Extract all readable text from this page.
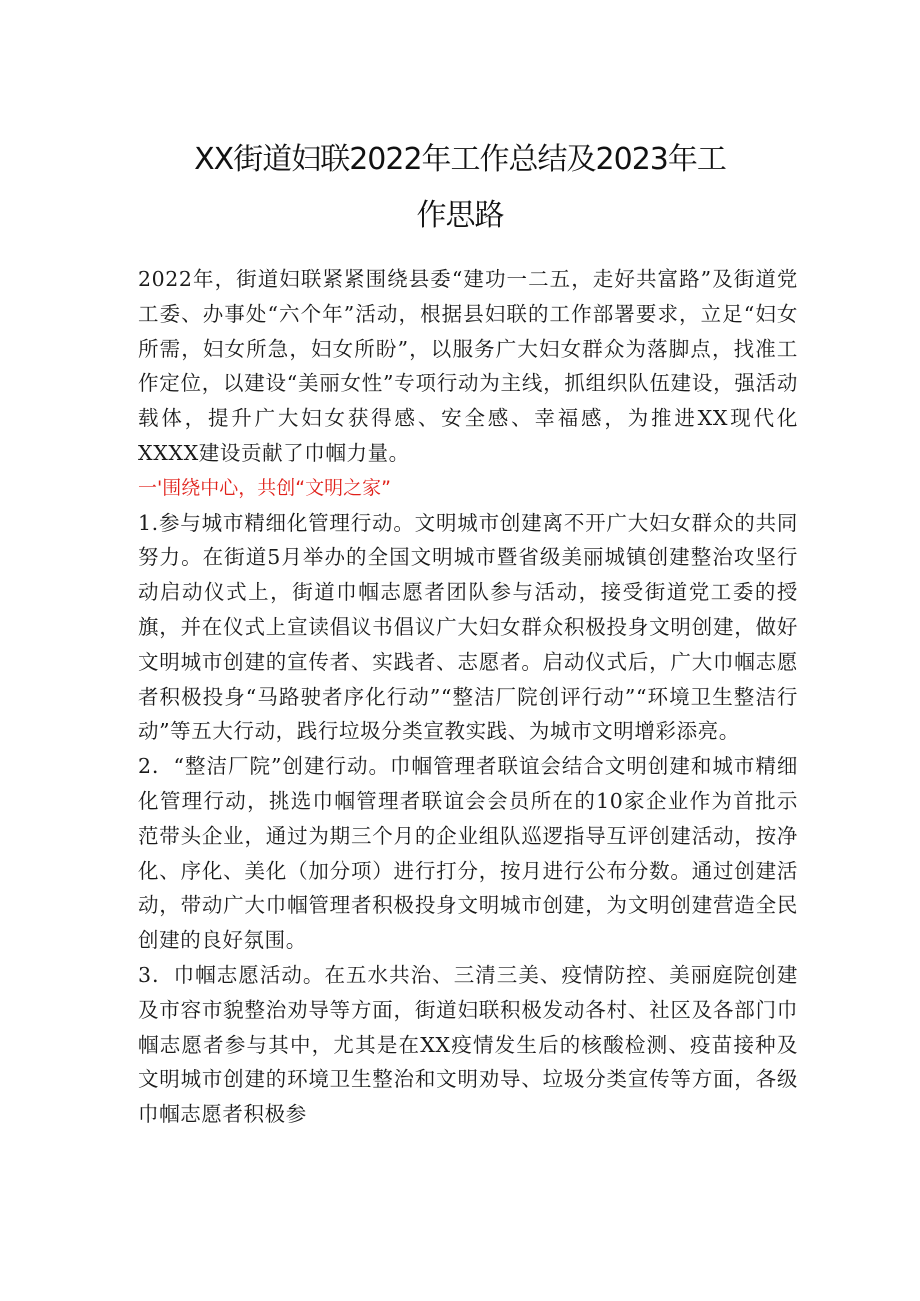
XX街道妇联2022年工作总结及2023年工
作思路

2022年，街道妇联紧紧围绕县委“建功一二五，走好共富路”及街道党工委、办事处“六个年”活动，根据县妇联的工作部署要求，立足“妇女所需，妇女所急，妇女所盼”，以服务广大妇女群众为落脚点，找准工作定位，以建设“美丽女性”专项行动为主线，抓组织队伍建设，强活动载体，提升广大妇女获得感、安全感、幸福感，为推进XX现代化XXXX建设贡献了巾帼力量。

一'围绕中心，共创“文明之家”

1.参与城市精细化管理行动。文明城市创建离不开广大妇女群众的共同努力。在街道5月举办的全国文明城市暨省级美丽城镇创建整治攻坚行动启动仪式上，街道巾帼志愿者团队参与活动，接受街道党工委的授旗，并在仪式上宣读倡议书倡议广大妇女群众积极投身文明创建，做好文明城市创建的宣传者、实践者、志愿者。启动仪式后，广大巾帼志愿者积极投身“马路驶者序化行动”“整洁厂院创评行动”“环境卫生整洁行动”等五大行动，践行垃圾分类宣教实践、为城市文明增彩添亮。

2．“整洁厂院”创建行动。巾帼管理者联谊会结合文明创建和城市精细化管理行动，挑选巾帼管理者联谊会会员所在的10家企业作为首批示范带头企业，通过为期三个月的企业组队巡逻指导互评创建活动，按净化、序化、美化（加分项）进行打分，按月进行公布分数。通过创建活动，带动广大巾帼管理者积极投身文明城市创建，为文明创建营造全民创建的良好氛围。

3．巾帼志愿活动。在五水共治、三清三美、疫情防控、美丽庭院创建及市容市貌整治劝导等方面，街道妇联积极发动各村、社区及各部门巾帼志愿者参与其中，尤其是在XX疫情发生后的核酸检测、疫苗接种及文明城市创建的环境卫生整治和文明劝导、垃圾分类宣传等方面，各级巾帼志愿者积极参
